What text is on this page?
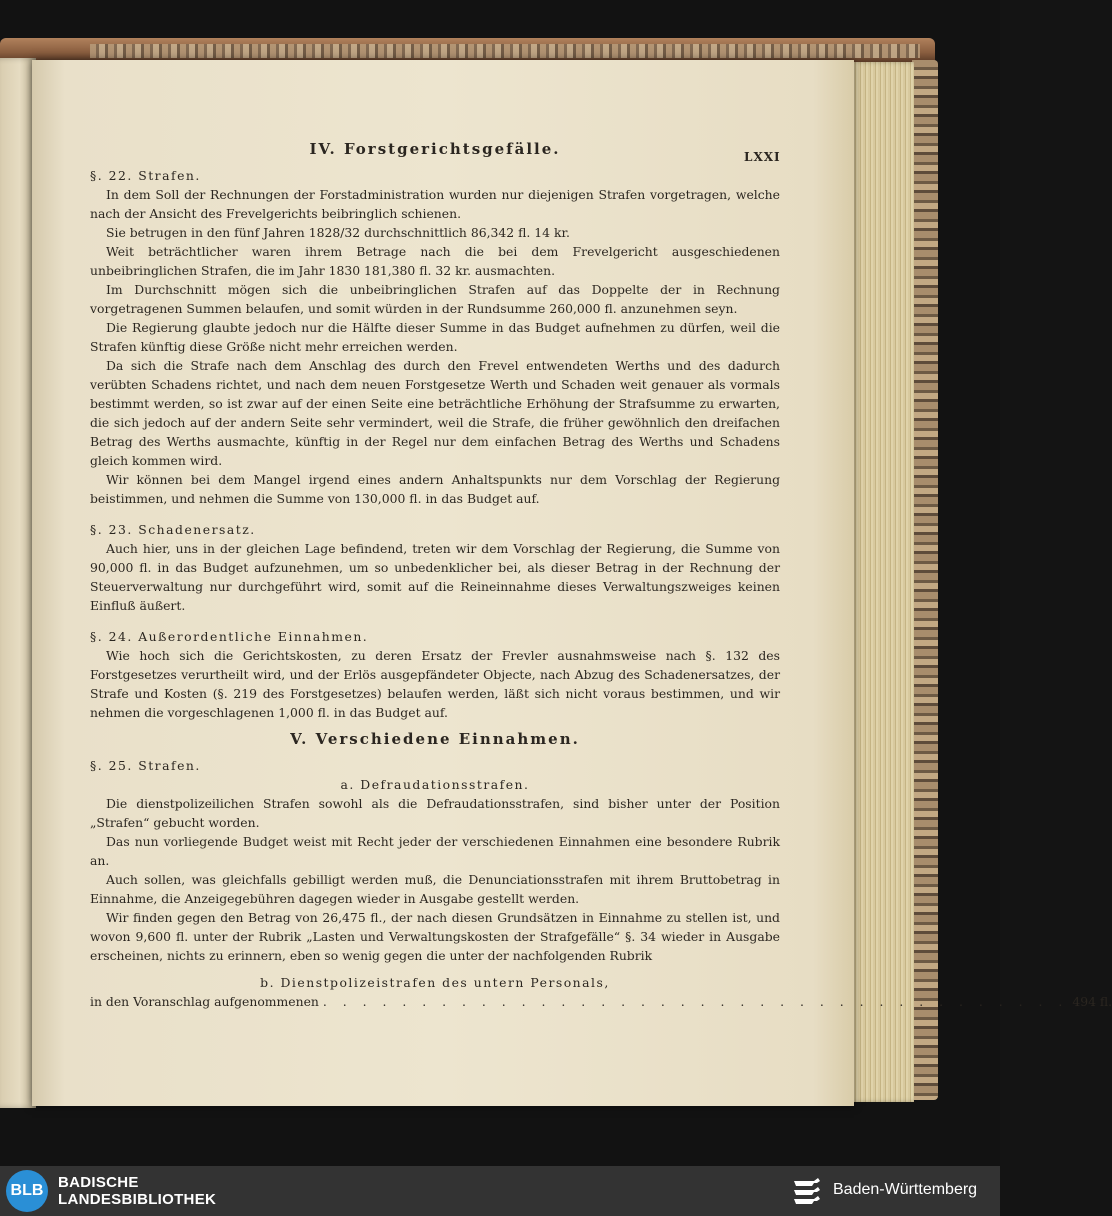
LXXI

IV. Forstgerichtsgefälle.

§. 22. Strafen.

In dem Soll der Rechnungen der Forstadministration wurden nur diejenigen Strafen vorgetragen, welche nach der Ansicht des Frevelgerichts beibringlich schienen.

Sie betrugen in den fünf Jahren 1828/32 durchschnittlich 86,342 fl. 14 kr.

Weit beträchtlicher waren ihrem Betrage nach die bei dem Frevelgericht ausgeschiedenen unbeibringlichen Strafen, die im Jahr 1830 181,380 fl. 32 kr. ausmachten.

Im Durchschnitt mögen sich die unbeibringlichen Strafen auf das Doppelte der in Rechnung vorgetragenen Summen belaufen, und somit würden in der Rundsumme 260,000 fl. anzunehmen seyn.

Die Regierung glaubte jedoch nur die Hälfte dieser Summe in das Budget aufnehmen zu dürfen, weil die Strafen künftig diese Größe nicht mehr erreichen werden.

Da sich die Strafe nach dem Anschlag des durch den Frevel entwendeten Werths und des dadurch verübten Schadens richtet, und nach dem neuen Forstgesetze Werth und Schaden weit genauer als vormals bestimmt werden, so ist zwar auf der einen Seite eine beträchtliche Erhöhung der Strafsumme zu erwarten, die sich jedoch auf der andern Seite sehr vermindert, weil die Strafe, die früher gewöhnlich den dreifachen Betrag des Werths ausmachte, künftig in der Regel nur dem einfachen Betrag des Werths und Schadens gleich kommen wird.

Wir können bei dem Mangel irgend eines andern Anhaltspunkts nur dem Vorschlag der Regierung beistimmen, und nehmen die Summe von 130,000 fl. in das Budget auf.

§. 23. Schadenersatz.

Auch hier, uns in der gleichen Lage befindend, treten wir dem Vorschlag der Regierung, die Summe von 90,000 fl. in das Budget aufzunehmen, um so unbedenklicher bei, als dieser Betrag in der Rechnung der Steuerverwaltung nur durchgeführt wird, somit auf die Reineinnahme dieses Verwaltungszweiges keinen Einfluß äußert.

§. 24. Außerordentliche Einnahmen.

Wie hoch sich die Gerichtskosten, zu deren Ersatz der Frevler ausnahmsweise nach §. 132 des Forstgesetzes verurtheilt wird, und der Erlös ausgepfändeter Objecte, nach Abzug des Schadenersatzes, der Strafe und Kosten (§. 219 des Forstgesetzes) belaufen werden, läßt sich nicht voraus bestimmen, und wir nehmen die vorgeschlagenen 1,000 fl. in das Budget auf.

V. Verschiedene Einnahmen.

§. 25. Strafen.

a. Defraudationsstrafen.

Die dienstpolizeilichen Strafen sowohl als die Defraudationsstrafen, sind bisher unter der Position „Strafen“ gebucht worden.

Das nun vorliegende Budget weist mit Recht jeder der verschiedenen Einnahmen eine besondere Rubrik an.

Auch sollen, was gleichfalls gebilligt werden muß, die Denunciationsstrafen mit ihrem Bruttobetrag in Einnahme, die Anzeigegebühren dagegen wieder in Ausgabe gestellt werden.

Wir finden gegen den Betrag von 26,475 fl., der nach diesen Grundsätzen in Einnahme zu stellen ist, und wovon 9,600 fl. unter der Rubrik „Lasten und Verwaltungskosten der Strafgefälle“ §. 34 wieder in Ausgabe erscheinen, nichts zu erinnern, eben so wenig gegen die unter der nachfolgenden Rubrik

b. Dienstpolizeistrafen des untern Personals,

in den Voranschlag aufgenommenen . . . . . . . . . . . . . . . . . . . . . . . . . . . . . . . . . . . . . . 494 fl.
BLB BADISCHE
LANDESBIBLIOTHEK
Baden-Württemberg
